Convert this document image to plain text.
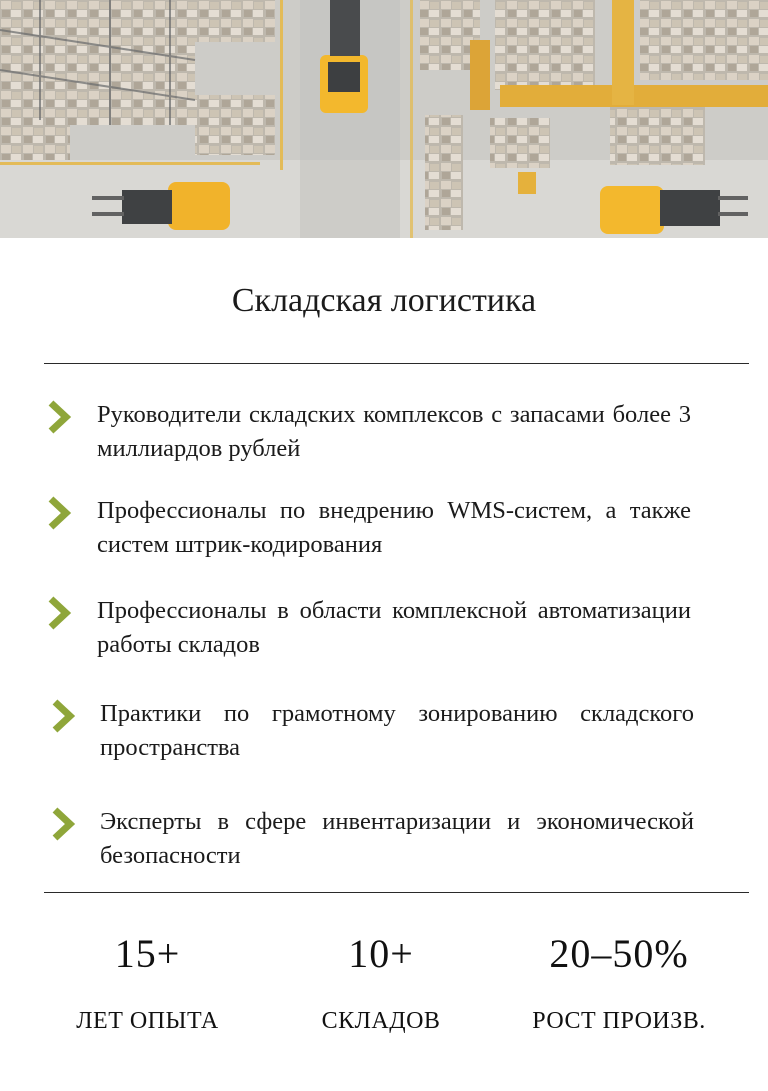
Складская логистика
Руководители складских комплексов с запасами более 3 миллиардов рублей
Профессионалы по внедрению WMS-систем, а также систем штрик-кодирования
Профессионалы в области комплексной автоматизации работы складов
Практики по грамотному зонированию складского пространства
Эксперты в сфере инвентаризации и экономической безопасности
15+
ЛЕТ ОПЫТА
10+
СКЛАДОВ
20–50%
РОСТ ПРОИЗВ.
